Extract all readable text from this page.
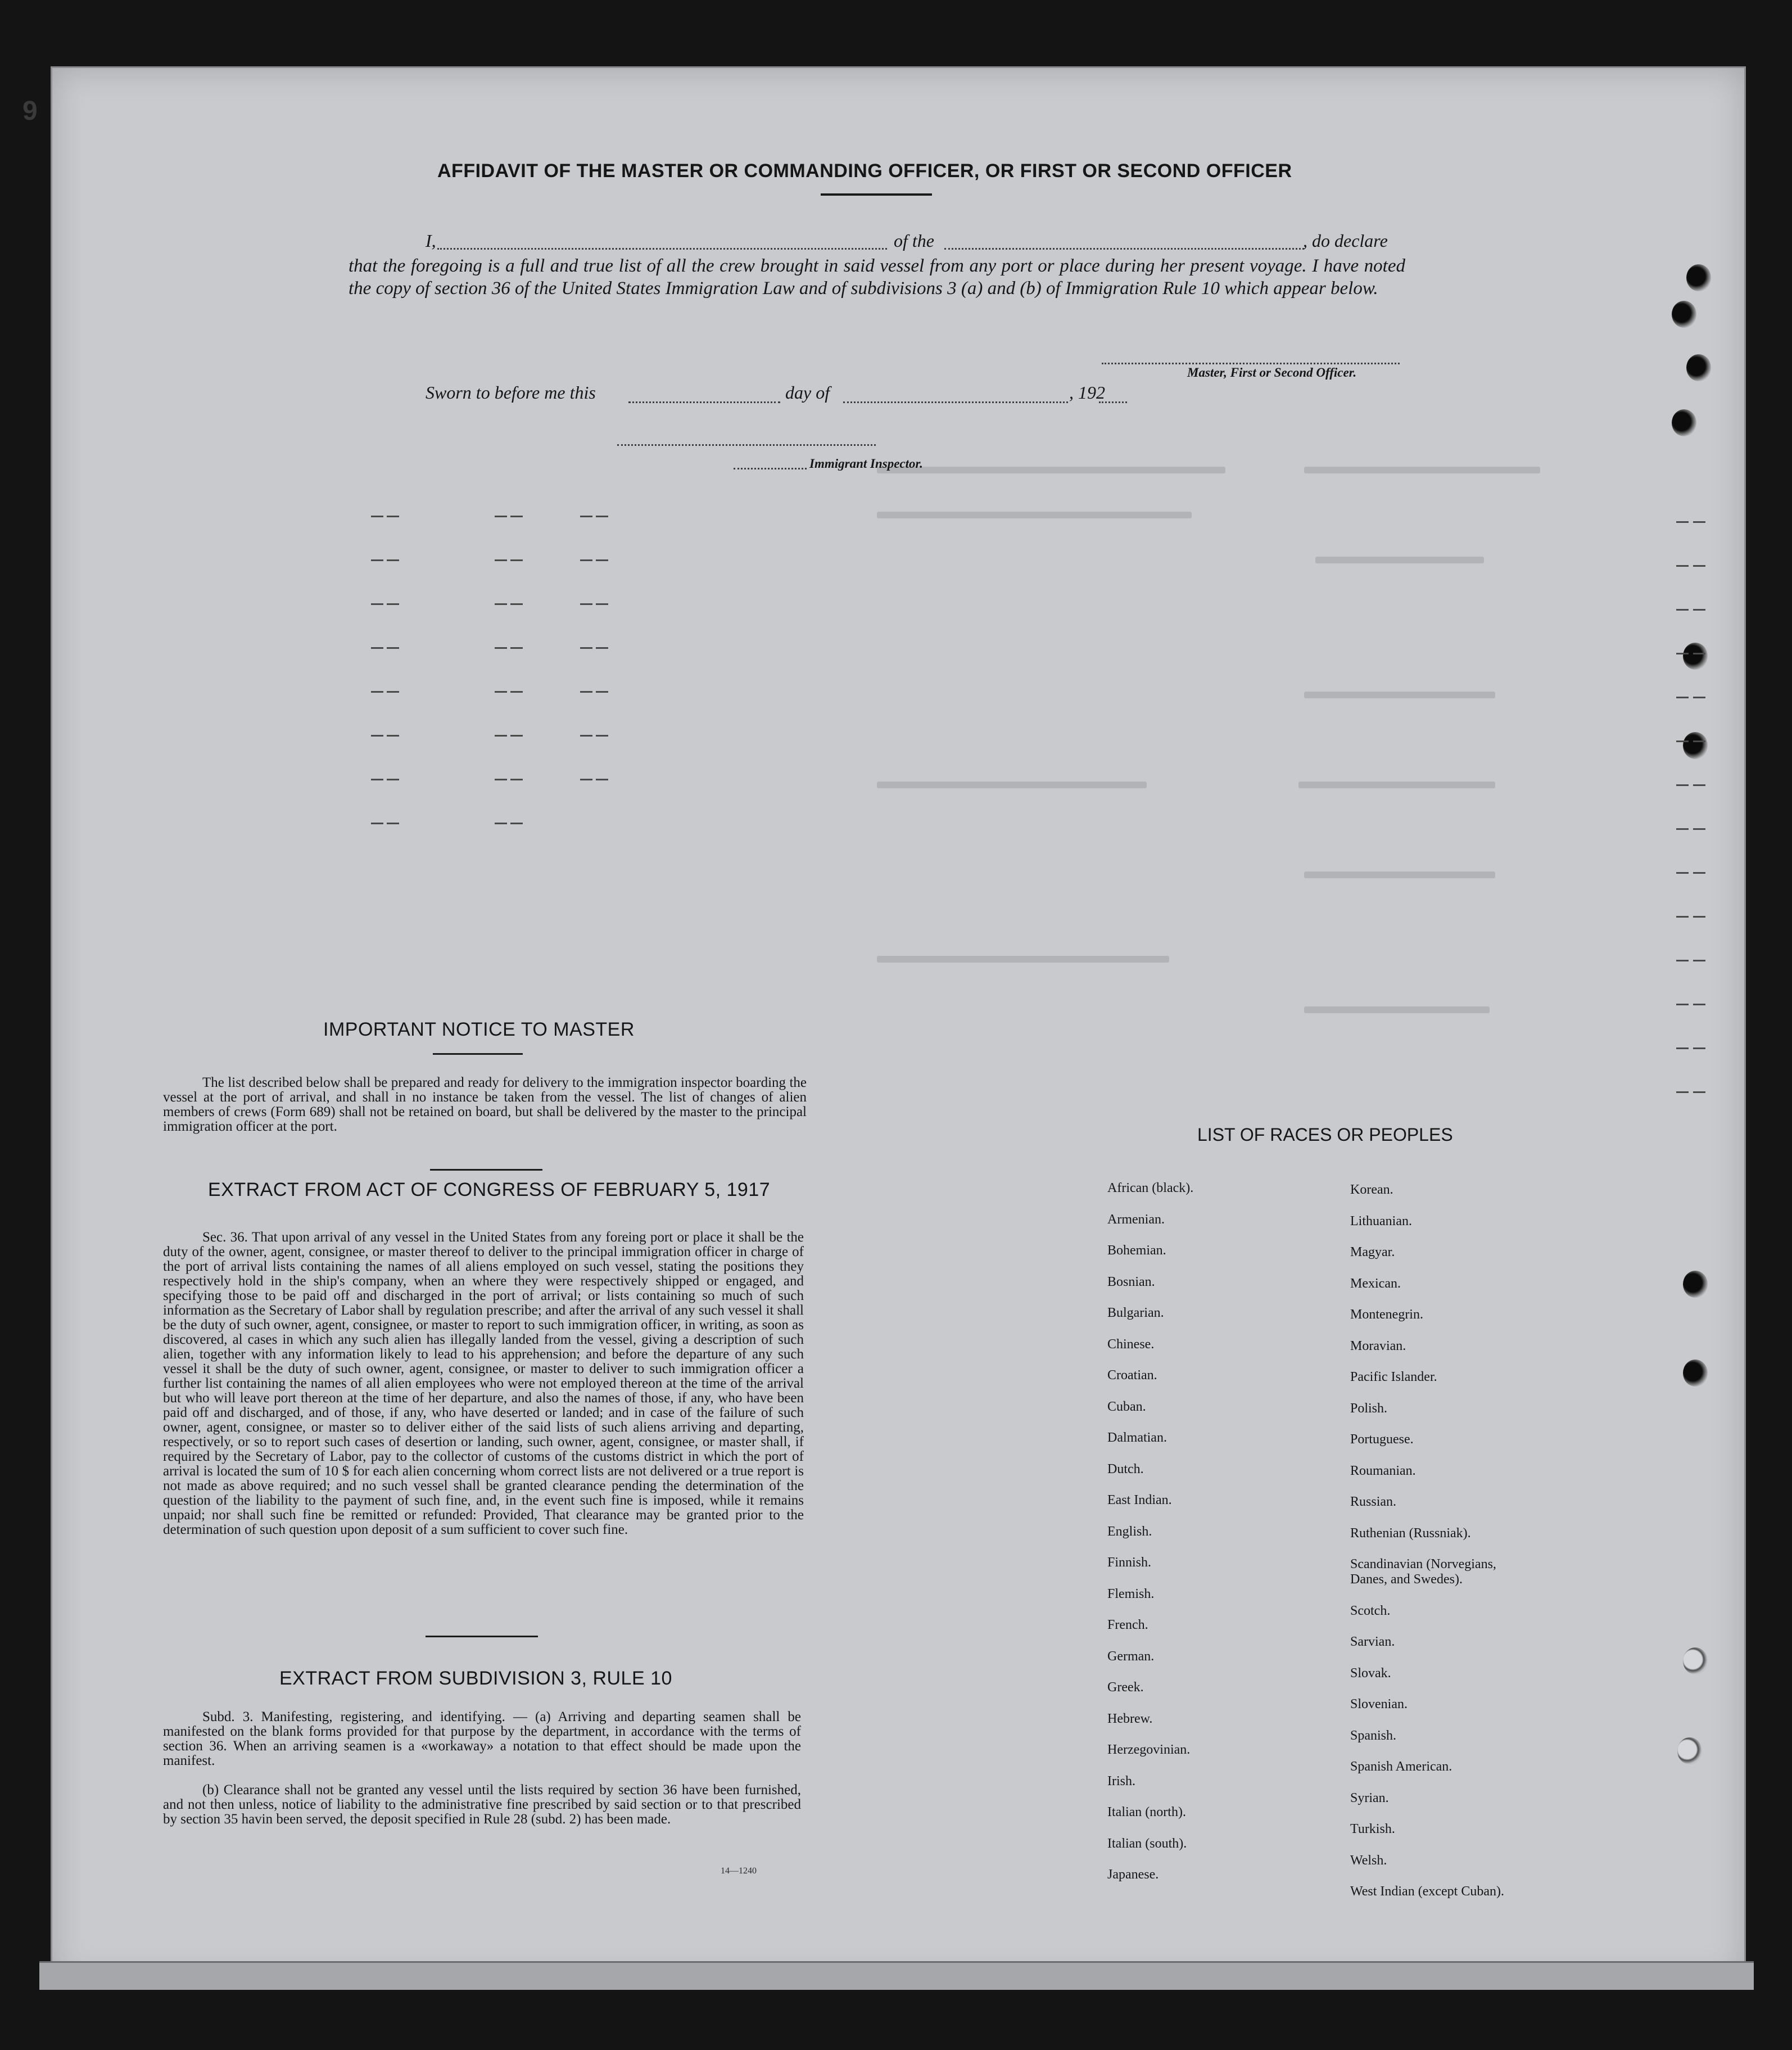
9
AFFIDAVIT OF THE MASTER OR COMMANDING OFFICER, OR FIRST OR SECOND OFFICER
I,	of the	, do declare
that the foregoing is a full and true list of all the crew brought in said vessel from any port or place during her present voyage. I have noted the copy of section 36 of the United States Immigration Law and of subdivisions 3 (a) and (b) of Immigration Rule 10 which appear below.
Master, First or Second Officer.
Sworn to before me this	day of	, 192
Immigrant Inspector.
IMPORTANT NOTICE TO MASTER
The list described below shall be prepared and ready for delivery to the immigration inspector boarding the vessel at the port of arrival, and shall in no instance be taken from the vessel. The list of changes of alien members of crews (Form 689) shall not be retained on board, but shall be delivered by the master to the principal immigration officer at the port.
EXTRACT FROM ACT OF CONGRESS OF FEBRUARY 5, 1917
Sec. 36. That upon arrival of any vessel in the United States from any foreing port or place it shall be the duty of the owner, agent, consignee, or master thereof to deliver to the principal immigration officer in charge of the port of arrival lists containing the names of all aliens employed on such vessel, stating the positions they respectively hold in the ship's company, when an where they were respectively shipped or engaged, and specifying those to be paid off and discharged in the port of arrival; or lists containing so much of such information as the Secretary of Labor shall by regulation prescribe; and after the arrival of any such vessel it shall be the duty of such owner, agent, consignee, or master to report to such immigration officer, in writing, as soon as discovered, al cases in which any such alien has illegally landed from the vessel, giving a description of such alien, together with any information likely to lead to his apprehension; and before the departure of any such vessel it shall be the duty of such owner, agent, consignee, or master to deliver to such immigration officer a further list containing the names of all alien employees who were not employed thereon at the time of the arrival but who will leave port thereon at the time of her departure, and also the names of those, if any, who have been paid off and discharged, and of those, if any, who have deserted or landed; and in case of the failure of such owner, agent, consignee, or master so to deliver either of the said lists of such aliens arriving and departing, respectively, or so to report such cases of desertion or landing, such owner, agent, consignee, or master shall, if required by the Secretary of Labor, pay to the collector of customs of the customs district in which the port of arrival is located the sum of 10 $ for each alien concerning whom correct lists are not delivered or a true report is not made as above required; and no such vessel shall be granted clearance pending the determination of the question of the liability to the payment of such fine, and, in the event such fine is imposed, while it remains unpaid; nor shall such fine be remitted or refunded: Provided, That clearance may be granted prior to the determination of such question upon deposit of a sum sufficient to cover such fine.
EXTRACT FROM SUBDIVISION 3, RULE 10
Subd. 3. Manifesting, registering, and identifying. — (a) Arriving and departing seamen shall be manifested on the blank forms provided for that purpose by the department, in accordance with the terms of section 36. When an arriving seamen is a «workaway» a notation to that effect should be made upon the manifest.
(b) Clearance shall not be granted any vessel until the lists required by section 36 have been furnished, and not then unless, notice of liability to the administrative fine prescribed by said section or to that prescribed by section 35 havin been served, the deposit specified in Rule 28 (subd. 2) has been made.
14—1240
LIST OF RACES OR PEOPLES
African (black).
Armenian.
Bohemian.
Bosnian.
Bulgarian.
Chinese.
Croatian.
Cuban.
Dalmatian.
Dutch.
East Indian.
English.
Finnish.
Flemish.
French.
German.
Greek.
Hebrew.
Herzegovinian.
Irish.
Italian (north).
Italian (south).
Japanese.
Korean.
Lithuanian.
Magyar.
Mexican.
Montenegrin.
Moravian.
Pacific Islander.
Polish.
Portuguese.
Roumanian.
Russian.
Ruthenian (Russniak).
Scandinavian (Norvegians,
Danes, and Swedes).
Scotch.
Sarvian.
Slovak.
Slovenian.
Spanish.
Spanish American.
Syrian.
Turkish.
Welsh.
West Indian (except Cuban).
